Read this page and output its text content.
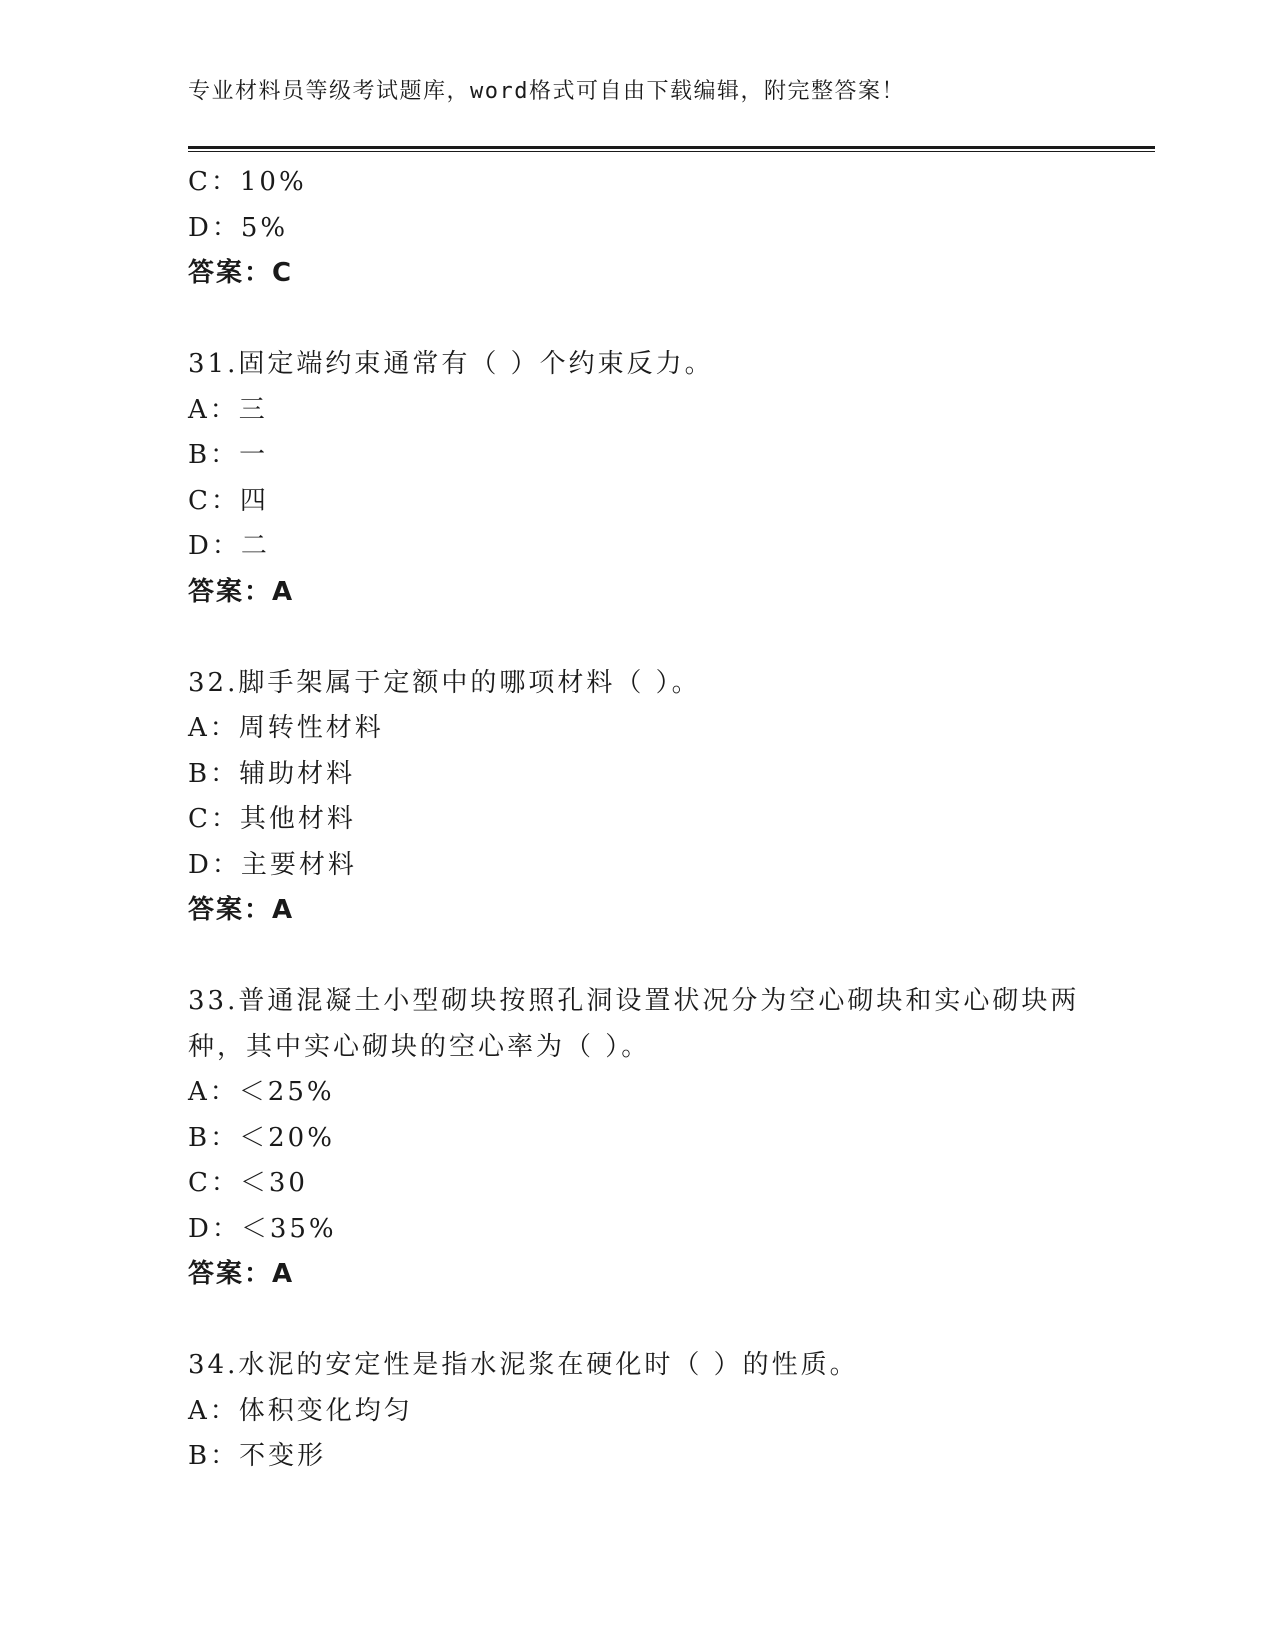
专业材料员等级考试题库，word格式可自由下载编辑，附完整答案！
C：10%
D：5%
答案：C
31.固定端约束通常有（ ）个约束反力。
A：三
B：一
C：四
D：二
答案：A
32.脚手架属于定额中的哪项材料（ ）。
A：周转性材料
B：辅助材料
C：其他材料
D：主要材料
答案：A
33.普通混凝土小型砌块按照孔洞设置状况分为空心砌块和实心砌块两
种，其中实心砌块的空心率为（ ）。
A：＜25%
B：＜20%
C：＜30
D：＜35%
答案：A
34.水泥的安定性是指水泥浆在硬化时（ ）的性质。
A：体积变化均匀
B：不变形
